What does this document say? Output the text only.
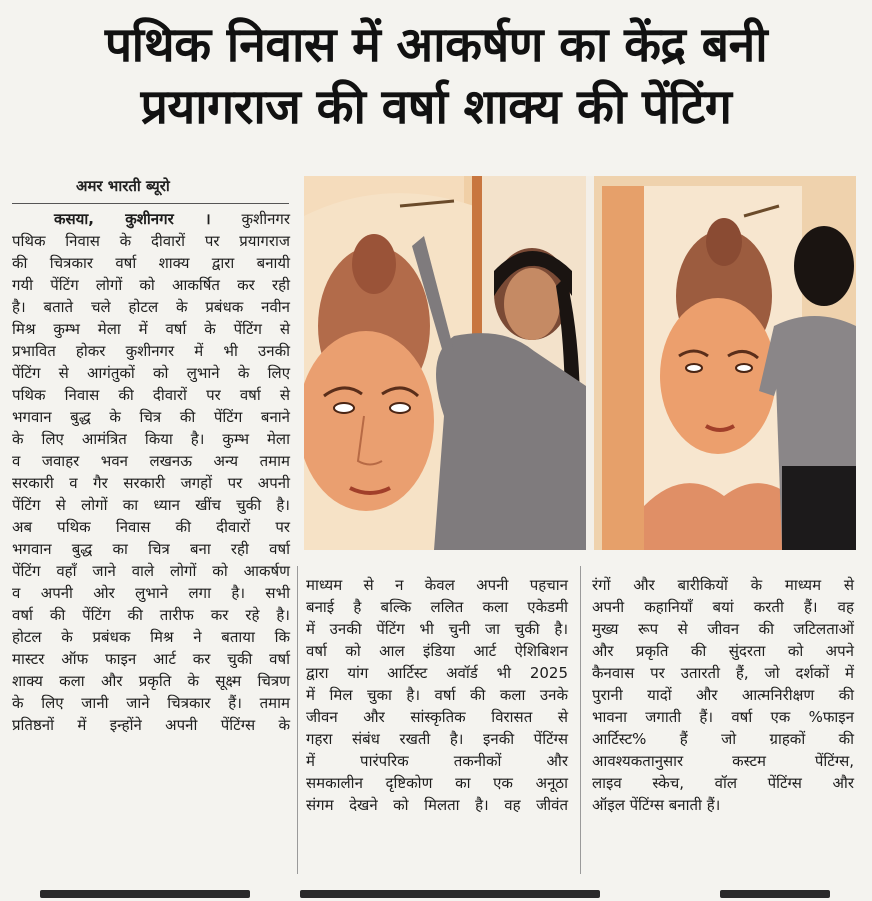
पथिक निवास में आकर्षण का केंद्र बनी
प्रयागराज की वर्षा शाक्य की पेंटिंग
अमर भारती ब्यूरो
कसया, कुशीनगर । कुशीनगर
पथिक निवास के दीवारों पर प्रयागराज
की चित्रकार वर्षा शाक्य द्वारा बनायी
गयी पेंटिंग लोगों को आकर्षित कर रही
है। बताते चले होटल के प्रबंधक नवीन
मिश्र कुम्भ मेला में वर्षा के पेंटिंग से
प्रभावित होकर कुशीनगर में भी उनकी
पेंटिंग से आगंतुकों को लुभाने के लिए
पथिक निवास की दीवारों पर वर्षा से
भगवान बुद्ध के चित्र की पेंटिंग बनाने
के लिए आमंत्रित किया है। कुम्भ मेला
व जवाहर भवन लखनऊ अन्य तमाम
सरकारी व गैर सरकारी जगहों पर अपनी
पेंटिंग से लोगों का ध्यान खींच चुकी है।
अब पथिक निवास की दीवारों पर
भगवान बुद्ध का चित्र बना रही वर्षा
पेंटिंग वहाँ जाने वाले लोगों को आकर्षण
व अपनी ओर लुभाने लगा है। सभी
वर्षा की पेंटिंग की तारीफ कर रहे है।
होटल के प्रबंधक मिश्र ने बताया कि
मास्टर ऑफ फाइन आर्ट कर चुकी वर्षा
शाक्य कला और प्रकृति के सूक्ष्म चित्रण
के लिए जानी जाने चित्रकार हैं। तमाम
प्रतिष्ठनों में इन्होंने अपनी पेंटिंग्स के
माध्यम से न केवल अपनी पहचान
बनाई है बल्कि ललित कला एकेडमी
में उनकी पेंटिंग भी चुनी जा चुकी है।
वर्षा को आल इंडिया आर्ट ऐशिबिशन
द्वारा यांग आर्टिस्ट अवॉर्ड भी 2025
में मिल चुका है। वर्षा की कला उनके
जीवन और सांस्कृतिक विरासत से
गहरा संबंध रखती है। इनकी पेंटिंग्स
में पारंपरिक तकनीकों और
समकालीन दृष्टिकोण का एक अनूठा
संगम देखने को मिलता है। वह जीवंत
रंगों और बारीकियों के माध्यम से
अपनी कहानियाँ बयां करती हैं। वह
मुख्य रूप से जीवन की जटिलताओं
और प्रकृति की सुंदरता को अपने
कैनवास पर उतारती हैं, जो दर्शकों में
पुरानी यादों और आत्मनिरीक्षण की
भावना जगाती हैं। वर्षा एक %फाइन
आर्टिस्ट% हैं जो ग्राहकों की
आवश्यकतानुसार कस्टम पेंटिंग्स,
लाइव स्केच, वॉल पेंटिंग्स और
ऑइल पेंटिंग्स बनाती हैं।
